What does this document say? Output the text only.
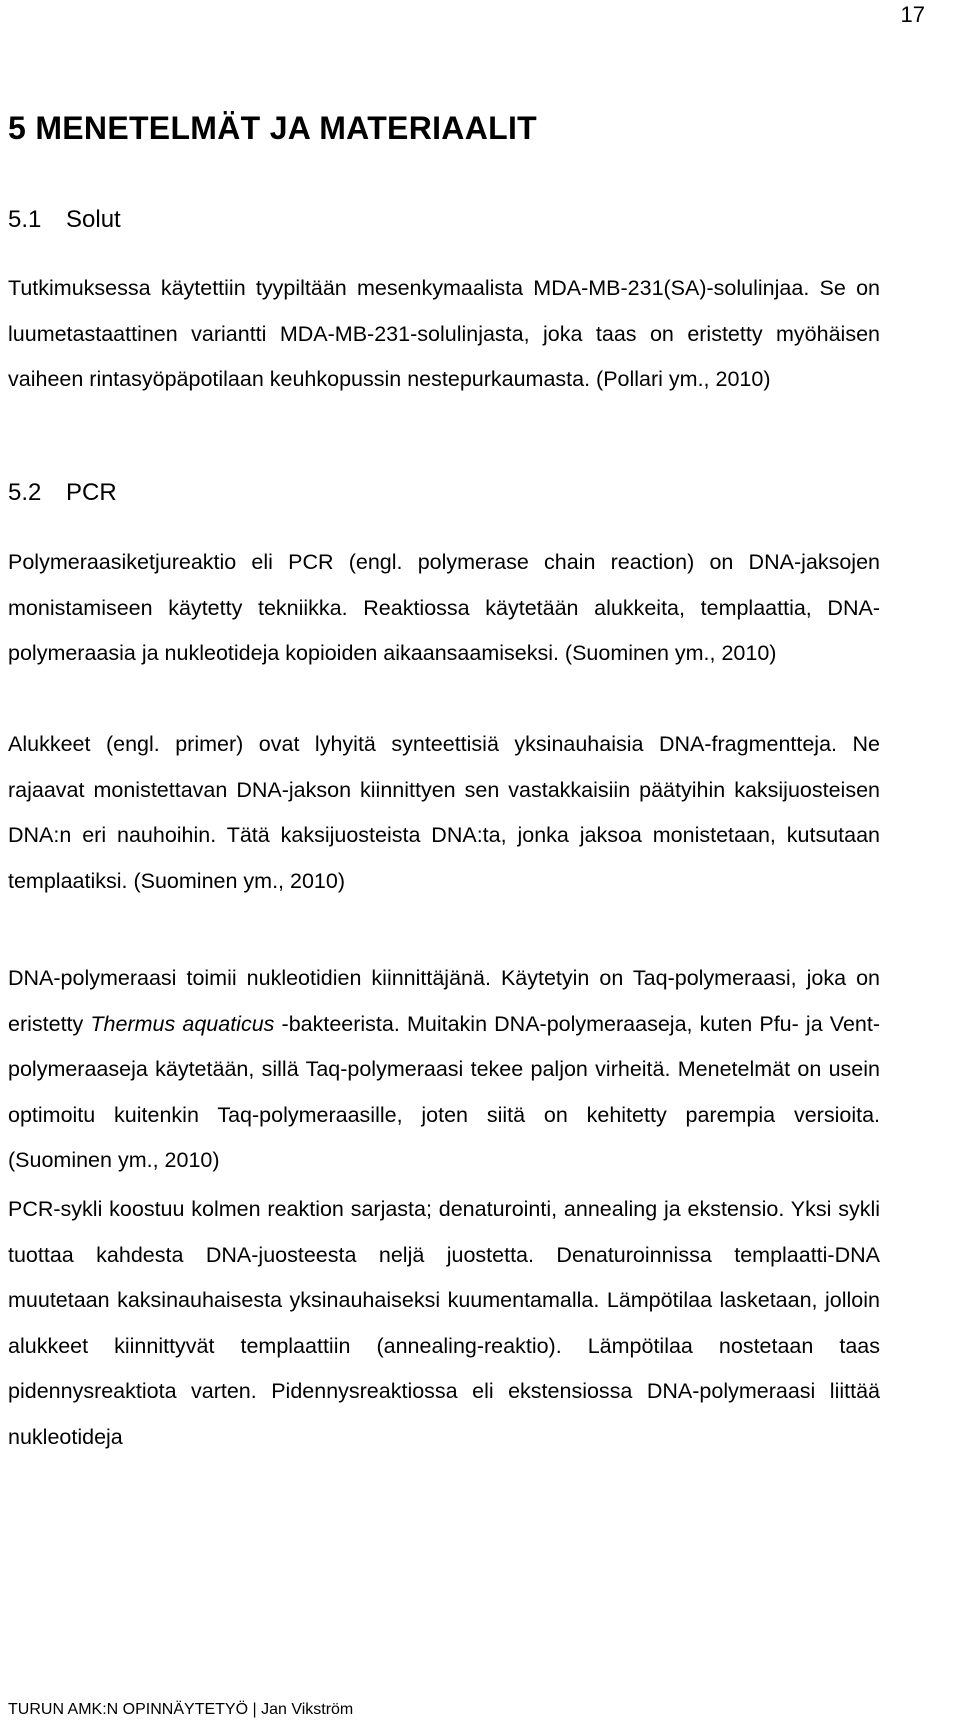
17
5 MENETELMÄT JA MATERIAALIT
5.1 Solut

Tutkimuksessa käytettiin tyypiltään mesenkymaalista MDA-MB-231(SA)-solulinjaa. Se on luumetastaattinen variantti MDA-MB-231-solulinjasta, joka taas on eristetty myöhäisen vaiheen rintasyöpäpotilaan keuhkopussin nestepurkaumasta. (Pollari ym., 2010)

5.2 PCR

Polymeraasiketjureaktio eli PCR (engl. polymerase chain reaction) on DNA-jaksojen monistamiseen käytetty tekniikka. Reaktiossa käytetään alukkeita, templaattia, DNA-polymeraasia ja nukleotideja kopioiden aikaansaamiseksi. (Suominen ym., 2010)

Alukkeet (engl. primer) ovat lyhyitä synteettisiä yksinauhaisia DNA-fragmentteja. Ne rajaavat monistettavan DNA-jakson kiinnittyen sen vastakkaisiin päätyihin kaksijuosteisen DNA:n eri nauhoihin. Tätä kaksijuosteista DNA:ta, jonka jaksoa monistetaan, kutsutaan templaatiksi. (Suominen ym., 2010)

DNA-polymeraasi toimii nukleotidien kiinnittäjänä. Käytetyin on Taq-polymeraasi, joka on eristetty Thermus aquaticus -bakteerista. Muitakin DNA-polymeraaseja, kuten Pfu- ja Vent- polymeraaseja käytetään, sillä Taq-polymeraasi tekee paljon virheitä. Menetelmät on usein optimoitu kuitenkin Taq-polymeraasille, joten siitä on kehitetty parempia versioita. (Suominen ym., 2010)

PCR-sykli koostuu kolmen reaktion sarjasta; denaturointi, annealing ja ekstensio. Yksi sykli tuottaa kahdesta DNA-juosteesta neljä juostetta. Denaturoinnissa templaatti-DNA muutetaan kaksinauhaisesta yksinauhaiseksi kuumentamalla. Lämpötilaa lasketaan, jolloin alukkeet kiinnittyvät templaattiin (annealing-reaktio). Lämpötilaa nostetaan taas pidennysreaktiota varten. Pidennysreaktiossa eli ekstensiossa DNA-polymeraasi liittää nukleotideja

TURUN AMK:N OPINNÄYTETYÖ | Jan Vikström
